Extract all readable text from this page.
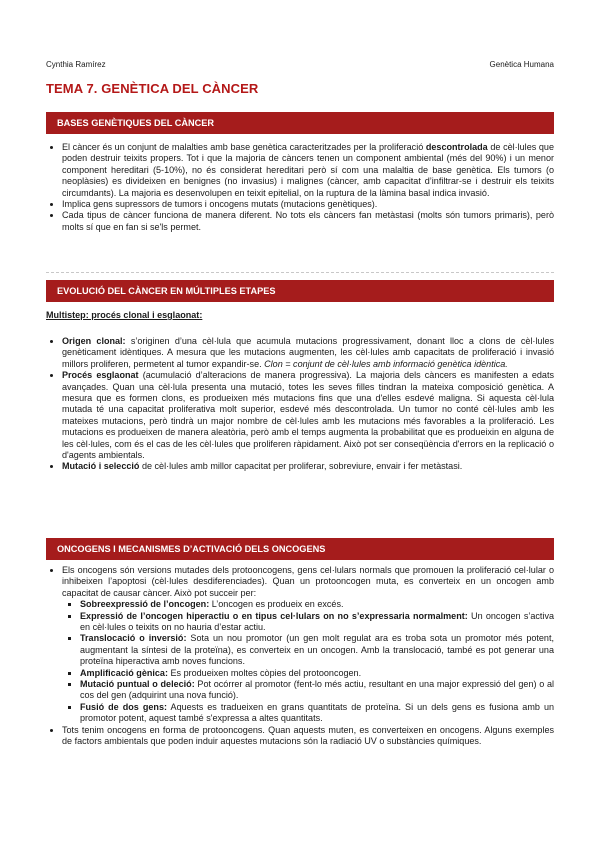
Cynthia Ramírez	Genètica Humana
TEMA 7. GENÈTICA DEL CÀNCER
BASES GENÈTIQUES DEL CÀNCER
• El càncer és un conjunt de malalties amb base genètica caracteritzades per la proliferació descontrolada de cèl·lules que poden destruir teixits propers. Tot i que la majoria de càncers tenen un component ambiental (més del 90%) i un menor component hereditari (5-10%), no és considerat hereditari però sí com una malaltia de base genètica. Els tumors (o neoplàsies) es divideixen en benignes (no invasius) i malignes (càncer, amb capacitat d’infiltrar-se i destruir els teixits circumdants). La majoria es desenvolupen en teixit epitelial, on la ruptura de la làmina basal indica invasió.
• Implica gens supressors de tumors i oncogens mutats (mutacions genètiques).
• Cada tipus de càncer funciona de manera diferent. No tots els càncers fan metàstasi (molts són tumors primaris), però molts sí que en fan si se'ls permet.
EVOLUCIÓ DEL CÀNCER EN MÚLTIPLES ETAPES
Multistep: procés clonal i esglaonat:
• Origen clonal: s’originen d’una cèl·lula que acumula mutacions progressivament, donant lloc a clons de cèl·lules genèticament idèntiques. A mesura que les mutacions augmenten, les cèl·lules amb capacitats de proliferació i invasió millors proliferen, permetent al tumor expandir-se. Clon = conjunt de cèl·lules amb informació genètica idèntica.
• Procés esglaonat (acumulació d’alteracions de manera progressiva). La majoria dels càncers es manifesten a edats avançades. Quan una cèl·lula presenta una mutació, totes les seves filles tindran la mateixa composició genètica. A mesura que es formen clons, es produeixen més mutacions fins que una d'elles esdevé maligna. Si aquesta cèl·lula mutada té una capacitat proliferativa molt superior, esdevé més descontrolada. Un tumor no conté cèl·lules amb les mateixes mutacions, però tindrà un major nombre de cèl·lules amb les mutacions més favorables a la proliferació. Les mutacions es produeixen de manera aleatòria, però amb el temps augmenta la probabilitat que es produeixin en alguna de les cèl·lules, com és el cas de les cèl·lules que proliferen ràpidament. Això pot ser conseqüència d'errors en la replicació o d'agents ambientals.
• Mutació i selecció de cèl·lules amb millor capacitat per proliferar, sobreviure, envair i fer metàstasi.
ONCOGENS I MECANISMES D’ACTIVACIÓ DELS ONCOGENS
• Els oncogens són versions mutades dels protooncogens, gens cel·lulars normals que promouen la proliferació cel·lular o inhibeixen l’apoptosi (cèl·lules desdiferenciades). Quan un protooncogen muta, es converteix en un oncogen amb capacitat de causar càncer. Això pot succeir per:
▪ Sobreexpressió de l’oncogen: L’oncogen es produeix en excés.
▪ Expressió de l’oncogen hiperactiu o en tipus cel·lulars on no s’expressaria normalment: Un oncogen s’activa en cèl·lules o teixits on no hauria d’estar actiu.
▪ Translocació o inversió: Sota un nou promotor (un gen molt regulat ara es troba sota un promotor més potent, augmentant la síntesi de la proteïna), es converteix en un oncogen. Amb la translocació, també es pot generar una proteïna hiperactiva amb noves funcions.
▪ Amplificació gènica: Es produeixen moltes còpies del protooncogen.
▪ Mutació puntual o deleció: Pot ocórrer al promotor (fent-lo més actiu, resultant en una major expressió del gen) o al cos del gen (adquirint una nova funció).
▪ Fusió de dos gens: Aquests es tradueixen en grans quantitats de proteïna. Si un dels gens es fusiona amb un promotor potent, aquest també s'expressa a altes quantitats.
• Tots tenim oncogens en forma de protooncogens. Quan aquests muten, es converteixen en oncogens. Alguns exemples de factors ambientals que poden induir aquestes mutacions són la radiació UV o substàncies químiques.
